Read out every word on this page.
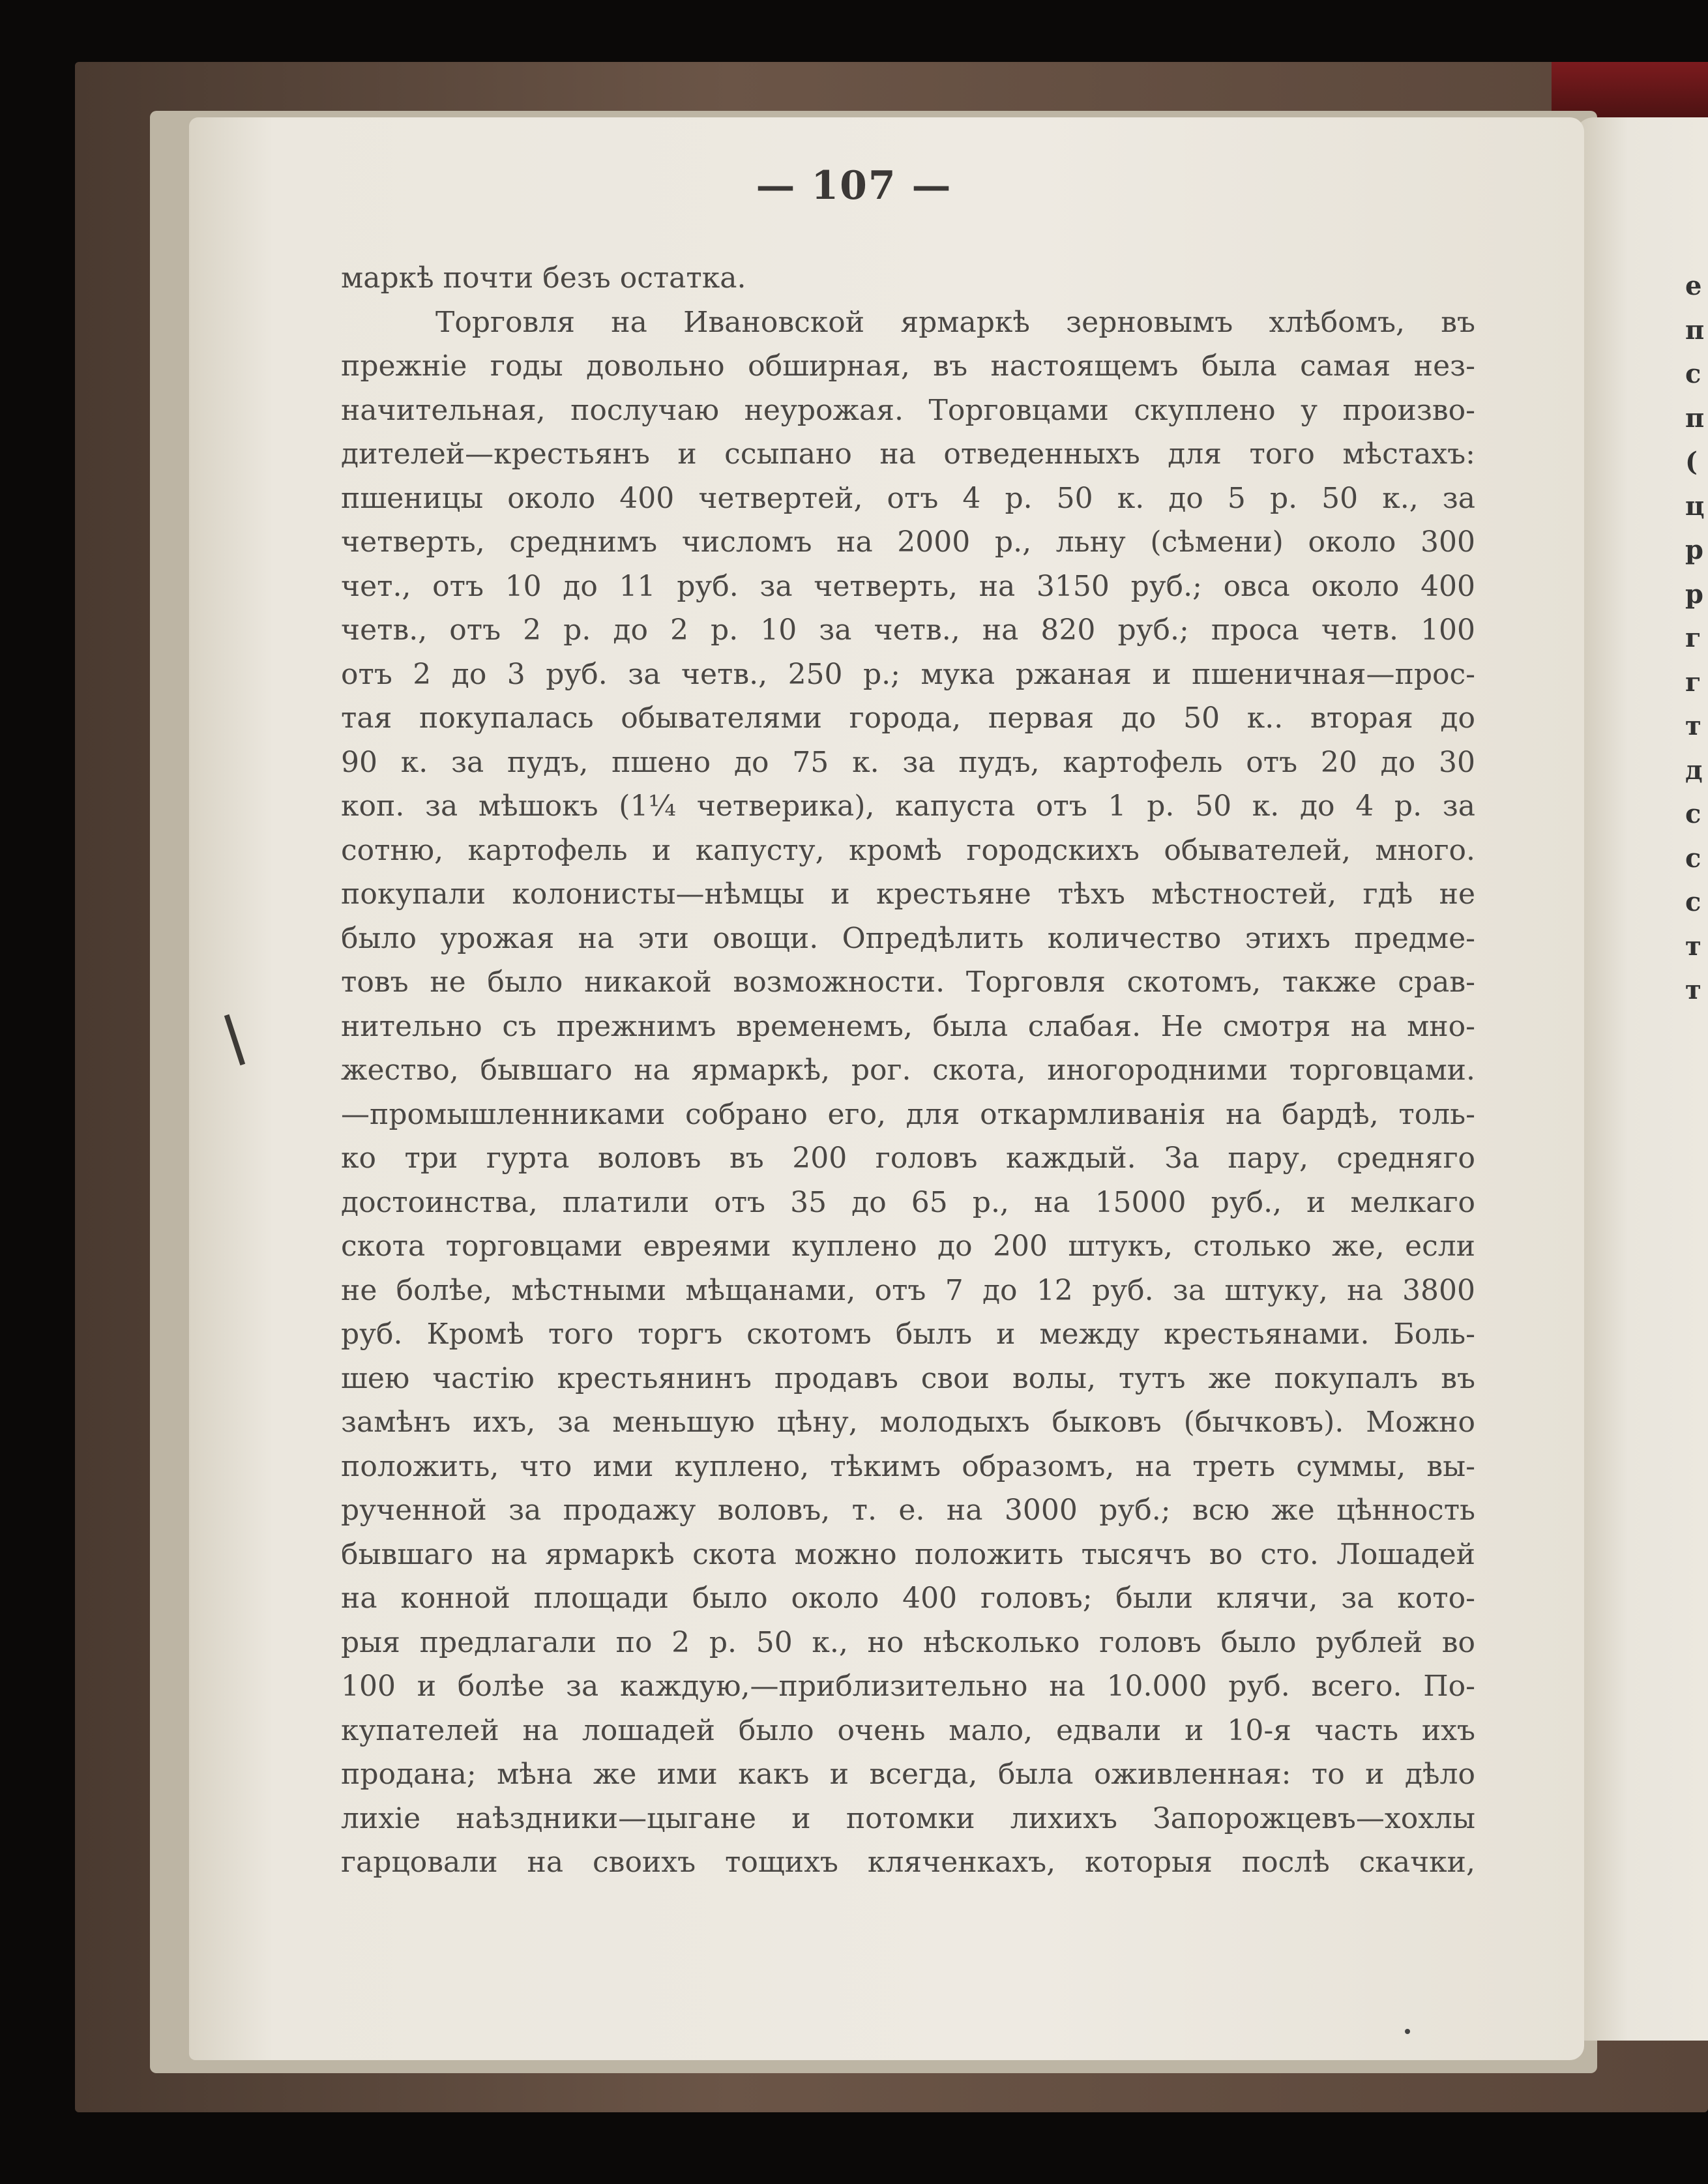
е
п
с
п
(
ц
р
р
г
г
т
д
с
с
с
т
т
— 107 —
маркѣ почти безъ остатка.
Торговля на Ивановской ярмаркѣ зерновымъ хлѣбомъ, въ
прежніе годы довольно обширная, въ настоящемъ была самая нез-
начительная, послучаю неурожая. Торговцами скуплено у произво-
дителей—крестьянъ и ссыпано на отведенныхъ для того мѣстахъ:
пшеницы около 400 четвертей, отъ 4 р. 50 к. до 5 р. 50 к., за
четверть, среднимъ числомъ на 2000 р., льну (сѣмени) около 300
чет., отъ 10 до 11 руб. за четверть, на 3150 руб.; овса около 400
четв., отъ 2 р. до 2 р. 10 за четв., на 820 руб.; проса четв. 100
отъ 2 до 3 руб. за четв., 250 р.; мука ржаная и пшеничная—прос-
тая покупалась обывателями города, первая до 50 к.. вторая до
90 к. за пудъ, пшено до 75 к. за пудъ, картофель отъ 20 до 30
коп. за мѣшокъ (1¼ четверика), капуста отъ 1 р. 50 к. до 4 р. за
сотню, картофель и капусту, кромѣ городскихъ обывателей, много.
покупали колонисты—нѣмцы и крестьяне тѣхъ мѣстностей, гдѣ не
было урожая на эти овощи. Опредѣлить количество этихъ предме-
товъ не было никакой возможности. Торговля скотомъ, также срав-
нительно съ прежнимъ временемъ, была слабая. Не смотря на мно-
жество, бывшаго на ярмаркѣ, рог. скота, иногородними торговцами.
—промышленниками собрано его, для откармливанія на бардѣ, толь-
ко три гурта воловъ въ 200 головъ каждый. За пару, средняго
достоинства, платили отъ 35 до 65 р., на 15000 руб., и мелкаго
скота торговцами евреями куплено до 200 штукъ, столько же, если
не болѣе, мѣстными мѣщанами, отъ 7 до 12 руб. за штуку, на 3800
руб. Кромѣ того торгъ скотомъ былъ и между крестьянами. Боль-
шею частію крестьянинъ продавъ свои волы, тутъ же покупалъ въ
замѣнъ ихъ, за меньшую цѣну, молодыхъ быковъ (бычковъ). Можно
положить, что ими куплено, тѣкимъ образомъ, на треть суммы, вы-
рученной за продажу воловъ, т. е. на 3000 руб.; всю же цѣнность
бывшаго на ярмаркѣ скота можно положить тысячъ во сто. Лошадей
на конной площади было около 400 головъ; были клячи, за кото-
рыя предлагали по 2 р. 50 к., но нѣсколько головъ было рублей во
100 и болѣе за каждую,—приблизительно на 10.000 руб. всего. По-
купателей на лошадей было очень мало, едвали и 10-я часть ихъ
продана; мѣна же ими какъ и всегда, была оживленная: то и дѣло
лихіе наѣздники—цыгане и потомки лихихъ Запорожцевъ—хохлы
гарцовали на своихъ тощихъ кляченкахъ, которыя послѣ скачки,
